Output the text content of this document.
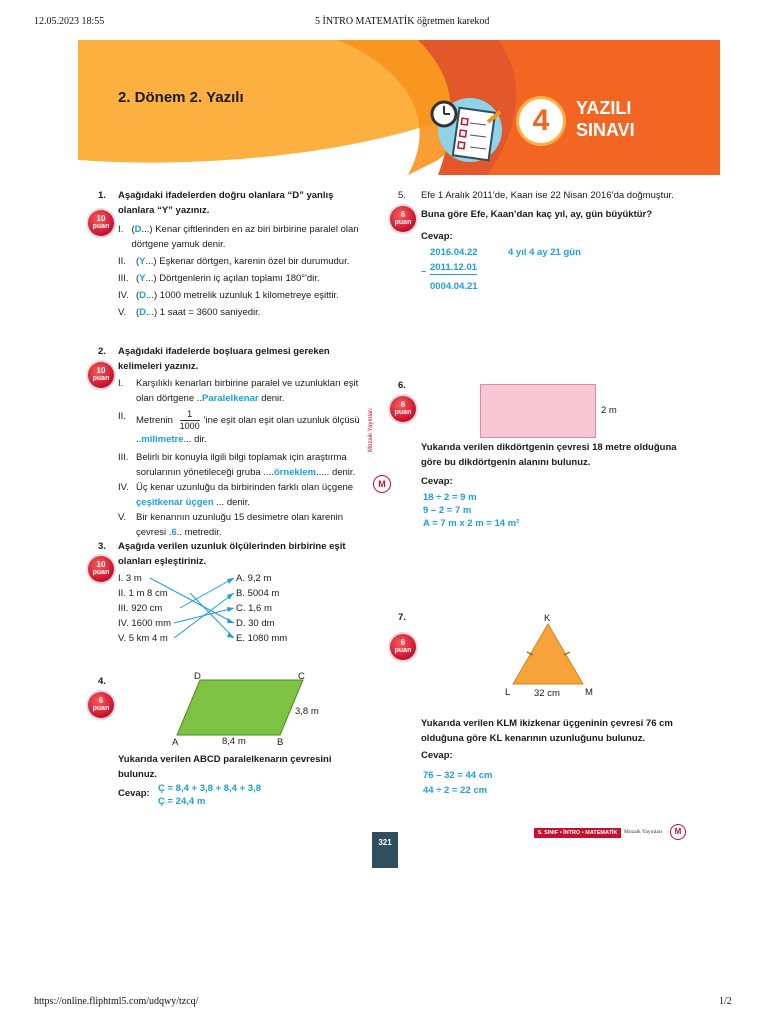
12.05.2023 18:55	5 İNTRO MATEMATİK öğretmen karekod
4	YAZILI
SINAVI
2. Dönem 2. Yazılı
Mozaik Yayınları
M
1. Aşağıdaki ifadelerden doğru olanlara “D” yanlış olanlara “Y” yazınız.
10
puan I. (D...) Kenar çiftlerinden en az biri birbirine paralel olan dörtgene yamuk denir.
II.	(Y...) Eşkenar dörtgen, karenin özel bir durumudur.
III. (Y...) Dörtgenlerin iç açıları toplamı 180°'dir.
IV. (D...) 1000 metrelik uzunluk 1 kilometreye eşittir.
V.	(D...) 1 saat = 3600 saniyedir.
2. Aşağıdaki ifadelerde boşluara gelmesi gereken kelimeleri yazınız.
10
puan I.	Karşılıklı kenarları birbirine paralel ve uzunlukları eşit olan dörtgene ..Paralelkenar denir.
II.	Metrenin $\frac{1}{1000}$ 'ine eşit olan eşit olan uzunluk ölçüsü
..milimetre... dir.
III. Belirli bir konuyla ilgili bilgi toplamak için araştırma sorularının yönetileceği gruba ....örneklem..... denir.
IV. Üç kenar uzunluğu da birbirinden farklı olan üçgene çeşitkenar üçgen ... denir.
V.	Bir kenarının uzunluğu 15 desimetre olan karenin çevresi .6.. metredir.
3. Aşağıda verilen uzunluk ölçülerinden birbirine eşit olanları eşleştiriniz.
10
puan
I. 3 m
II. 1 m 8 cm
III. 920 cm
IV. 1600 mm
V. 5 km 4 m
A. 9,2 m
B. 5004 m
C. 1,6 m
D. 30 dm
E. 1080 mm
4.
6
puan
D	C
A	B
3,8 m
8,4 m
Yukarıda verilen ABCD paralelkenarın çevresini bulunuz.
Cevap: Ç = 8,4 + 3,8 + 8,4 + 3,8
Ç = 24,4 m
5. Efe 1 Aralık 2011’de, Kaan ise 22 Nisan 2016’da doğmuştur.
Buna göre Efe, Kaan’dan kaç yıl, ay, gün büyüktür?
6
puan
Cevap:
2016.04.22
– 2011.12.01
0004.04.21
4 yıl 4 ay 21 gün
6.
6
puan	2 m
Yukarıda verilen dikdörtgenin çevresi 18 metre olduğuna göre bu dikdörtgenin alanını bulunuz.
Cevap:
18 ÷ 2 = 9 m
9 – 2 = 7 m
A = 7 m x 2 m = 14 m²
7.
6
puan
K
L	M
32 cm
Yukarıda verilen KLM ikizkenar üçgeninin çevresi 76 cm olduğuna göre KL kenarının uzunluğunu bulunuz.
Cevap:
76 – 32 = 44 cm
44 ÷ 2 = 22 cm
321
5. SINIF • İNTRO • MATEMATİK	Mozaik Yayınları	M
https://online.fliphtml5.com/udqwy/tzcq/	1/2
